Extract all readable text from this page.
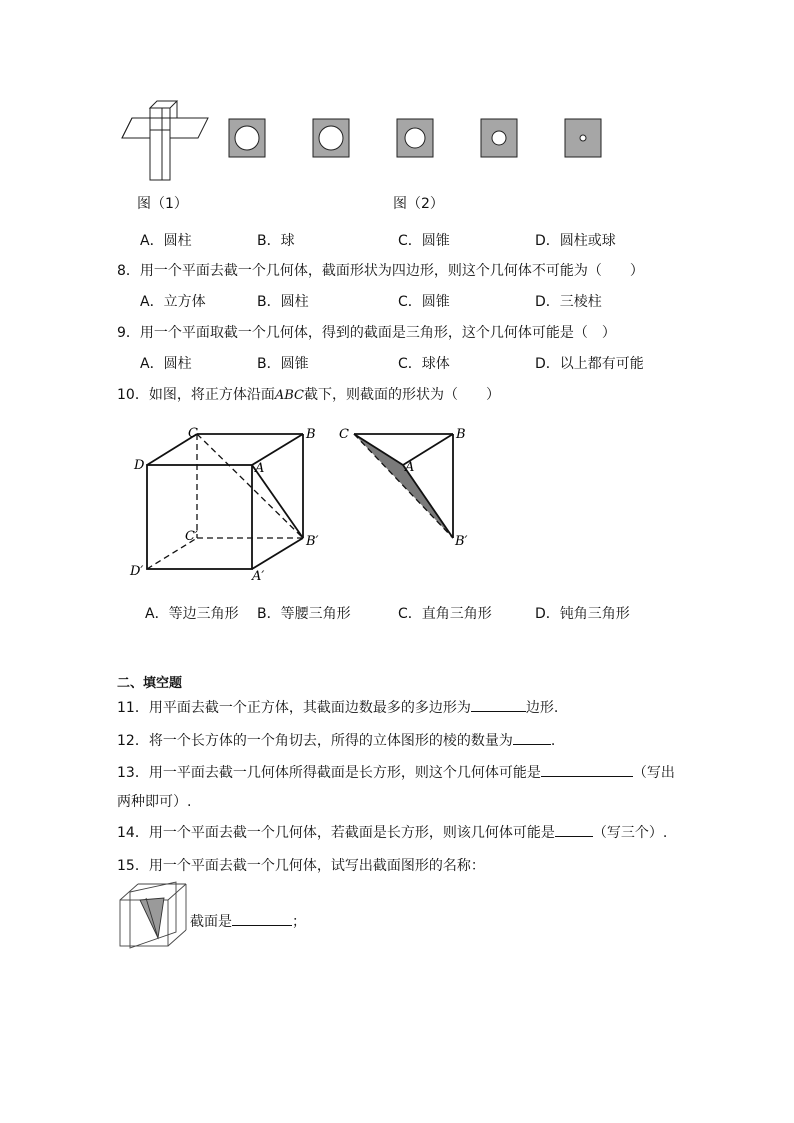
图（1）	图（2）
A．圆柱	B．球	C．圆锥	D．圆柱或球
8．用一个平面去截一个几何体，截面形状为四边形，则这个几何体不可能为（　　）
A．立方体	B．圆柱	C．圆锥	D．三棱柱
9．用一个平面取截一个几何体，得到的截面是三角形，这个几何体可能是（　）
A．圆柱	B．圆锥	C．球体	D．以上都有可能
10．如图，将正方体沿面ABC截下，则截面的形状为（　　）
C	B
D	A
C′	B′
D′	A′
C	B
A
B′
A．等边三角形 B．等腰三角形	C．直角三角形	D．钝角三角形
二、填空题
11．用平面去截一个正方体，其截面边数最多的多边形为	边形.
12．将一个长方体的一个角切去，所得的立体图形的棱的数量为	.
13．用一平面去截一几何体所得截面是长方形，则这个几何体可能是	（写出
两种即可）.
14．用一个平面去截一个几何体，若截面是长方形，则该几何体可能是	（写三个）.
15．用一个平面去截一个几何体，试写出截面图形的名称：
截面是	；
